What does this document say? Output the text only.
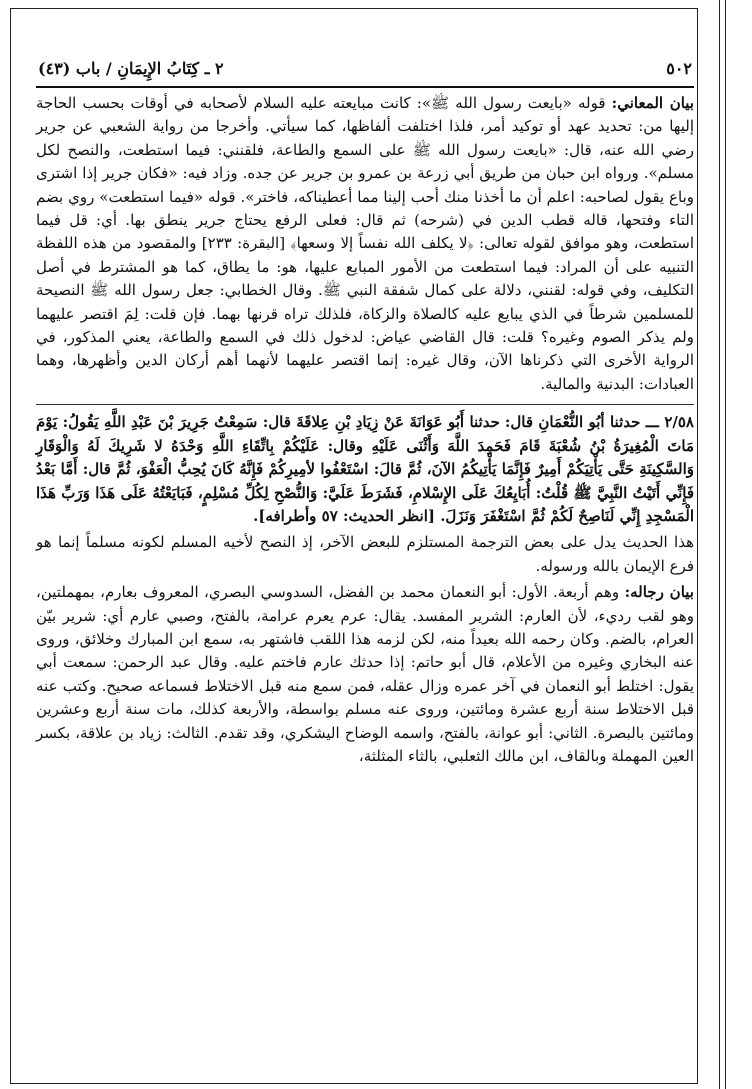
٥٠٢
٢ ـ كِتَابُ الإِيمَانِ / باب (٤٣)

بيان المعاني: قوله «بايعت رسول الله ﷺ»: كانت مبايعته عليه السلام لأصحابه في أوقات بحسب الحاجة إليها من: تحديد عهد أو توكيد أمر، فلذا اختلفت ألفاظها، كما سيأتي. وأخرجا من رواية الشعبي عن جرير رضي الله عنه، قال: «بايعت رسول الله ﷺ على السمع والطاعة، فلقنني: فيما استطعت، والنصح لكل مسلم». ورواه ابن حبان من طريق أبي زرعة بن عمرو بن جرير عن جده. وزاد فيه: «فكان جرير إذا اشترى وباع يقول لصاحبه: اعلم أن ما أخذنا منك أحب إلينا مما أعطيناكه، فاختر». قوله «فيما استطعت» روي بضم التاء وفتحها، قاله قطب الدين في (شرحه) ثم قال: فعلى الرفع يحتاج جرير ينطق بها. أي: قل فيما استطعت، وهو موافق لقوله تعالى: ﴿لا يكلف الله نفساً إلا وسعها﴾ [البقرة: ٢٣٣] والمقصود من هذه اللفظة التنبيه على أن المراد: فيما استطعت من الأمور المبايع عليها، هو: ما يطاق، كما هو المشترط في أصل التكليف، وفي قوله: لقنني، دلالة على كمال شفقة النبي ﷺ. وقال الخطابي: جعل رسول الله ﷺ النصيحة للمسلمين شرطاً في الذي يبايع عليه كالصلاة والزكاة، فلذلك تراه قرنها بهما. فإن قلت: لِمَ اقتصر عليهما ولم يذكر الصوم وغيره؟ قلت: قال القاضي عياض: لدخول ذلك في السمع والطاعة، يعني المذكور، في الرواية الأخرى التي ذكرناها الآن، وقال غيره: إنما اقتصر عليهما لأنهما أهم أركان الدين وأظهرها، وهما العبادات: البدنية والمالية.

٢/٥٨ ـــ حدثنا أبُو النُّعْمَانِ قال: حدثنا أَبُو عَوَانَةَ عَنْ زِيَادِ بْنِ عِلاقَةَ قال: سَمِعْتُ جَرِيرَ بْنَ عَبْدِ اللَّهِ يَقُولُ: يَوْمَ مَاتَ الْمُغِيرَةُ بْنُ شُعْبَةَ قَامَ فَحَمِدَ اللَّهَ وَأَثْنَى عَلَيْهِ وقال: عَلَيْكُمْ بِاتِّقَاءِ اللَّهِ وَحْدَهُ لا شَرِيكَ لَهُ وَالْوَقَارِ وَالسَّكِينَةِ حَتَّى يَأْتِيَكُمْ أَمِيرٌ فَإِنَّمَا يَأْتِيكُمُ الآنَ، ثُمَّ قالَ: اسْتَعْفُوا لأمِيرِكُمْ فَإِنَّهُ كَانَ يُحِبُّ الْعَفْوَ، ثُمَّ قال: أَمَّا بَعْدُ فَإِنِّي أَتَيْتُ النَّبِيَّ ﷺ قُلْتُ: أُبَايِعُكَ عَلَى الإِسْلامِ، فَشَرَطَ عَلَيَّ: وَالنُّصْحِ لِكُلِّ مُسْلِمٍ، فَبَايَعْتُهُ عَلَى هَذَا وَرَبِّ هَذَا الْمَسْجِدِ إِنِّي لَنَاصِحٌ لَكُمْ ثُمَّ اسْتَغْفَرَ وَنَزَلَ. [انظر الحديث: ٥٧ وأطرافه].

هذا الحديث يدل على بعض الترجمة المستلزم للبعض الآخر، إذ النصح لأخيه المسلم لكونه مسلماً إنما هو فرع الإيمان بالله ورسوله.

بيان رجاله: وهم أربعة. الأول: أبو النعمان محمد بن الفضل، السدوسي البصري، المعروف بعارم، بمهملتين، وهو لقب رديء، لأن العارم: الشرير المفسد. يقال: عرم يعرم عرامة، بالفتح، وصبي عارم أي: شرير بيّن العرام، بالضم. وكان رحمه الله بعيداً منه، لكن لزمه هذا اللقب فاشتهر به، سمع ابن المبارك وخلائق، وروى عنه البخاري وغيره من الأعلام، قال أبو حاتم: إذا حدثك عارم فاختم عليه. وقال عبد الرحمن: سمعت أبي يقول: اختلط أبو النعمان في آخر عمره وزال عقله، فمن سمع منه قبل الاختلاط فسماعه صحيح. وكتب عنه قبل الاختلاط سنة أربع عشرة ومائتين، وروى عنه مسلم بواسطة، والأربعة كذلك، مات سنة أربع وعشرين ومائتين بالبصرة. الثاني: أبو عوانة، بالفتح، واسمه الوضاح اليشكري، وقد تقدم. الثالث: زياد بن علاقة، بكسر العين المهملة وبالقاف، ابن مالك الثعلبي، بالثاء المثلثة،
